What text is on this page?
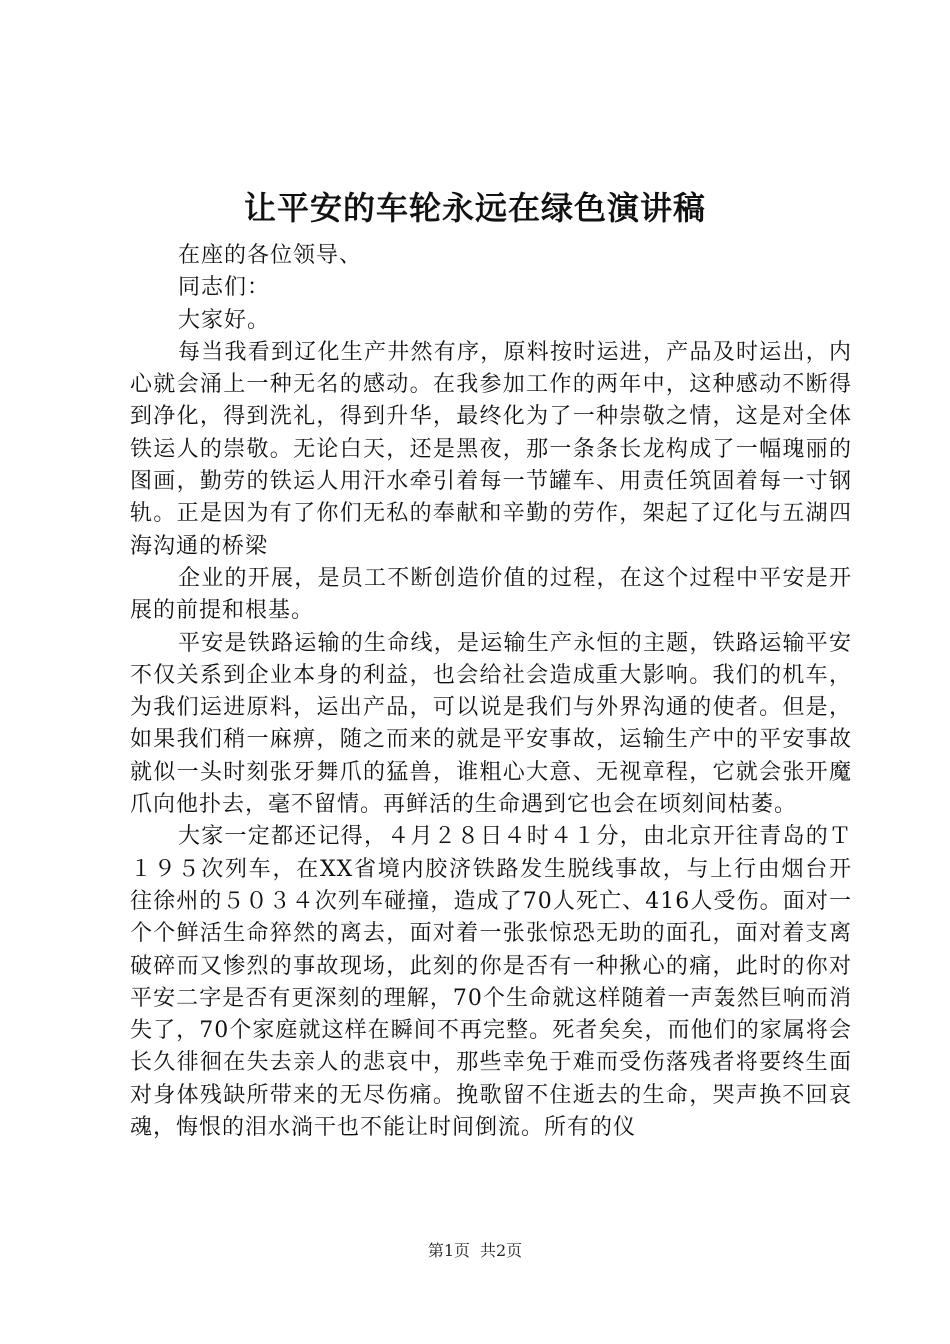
让平安的车轮永远在绿色演讲稿

在座的各位领导、

同志们：

大家好。

每当我看到辽化生产井然有序，原料按时运进，产品及时运出，内心就会涌上一种无名的感动。在我参加工作的两年中，这种感动不断得到净化，得到洗礼，得到升华，最终化为了一种崇敬之情，这是对全体铁运人的崇敬。无论白天，还是黑夜，那一条条长龙构成了一幅瑰丽的图画，勤劳的铁运人用汗水牵引着每一节罐车、用责任筑固着每一寸钢轨。正是因为有了你们无私的奉献和辛勤的劳作，架起了辽化与五湖四海沟通的桥梁

企业的开展，是员工不断创造价值的过程，在这个过程中平安是开展的前提和根基。

平安是铁路运输的生命线，是运输生产永恒的主题，铁路运输平安不仅关系到企业本身的利益，也会给社会造成重大影响。我们的机车，为我们运进原料，运出产品，可以说是我们与外界沟通的使者。但是，如果我们稍一麻痹，随之而来的就是平安事故，运输生产中的平安事故就似一头时刻张牙舞爪的猛兽，谁粗心大意、无视章程，它就会张开魔爪向他扑去，毫不留情。再鲜活的生命遇到它也会在顷刻间枯萎。

大家一定都还记得，４月２８日４时４１分，由北京开往青岛的Ｔ１９５次列车，在XX省境内胶济铁路发生脱线事故，与上行由烟台开往徐州的５０３４次列车碰撞，造成了70人死亡、416人受伤。面对一个个鲜活生命猝然的离去，面对着一张张惊恐无助的面孔，面对着支离破碎而又惨烈的事故现场，此刻的你是否有一种揪心的痛，此时的你对平安二字是否有更深刻的理解，70个生命就这样随着一声轰然巨响而消失了，70个家庭就这样在瞬间不再完整。死者矣矣，而他们的家属将会长久徘徊在失去亲人的悲哀中，那些幸免于难而受伤落残者将要终生面对身体残缺所带来的无尽伤痛。挽歌留不住逝去的生命，哭声换不回哀魂，悔恨的泪水淌干也不能让时间倒流。所有的仪

第1页 共2页
